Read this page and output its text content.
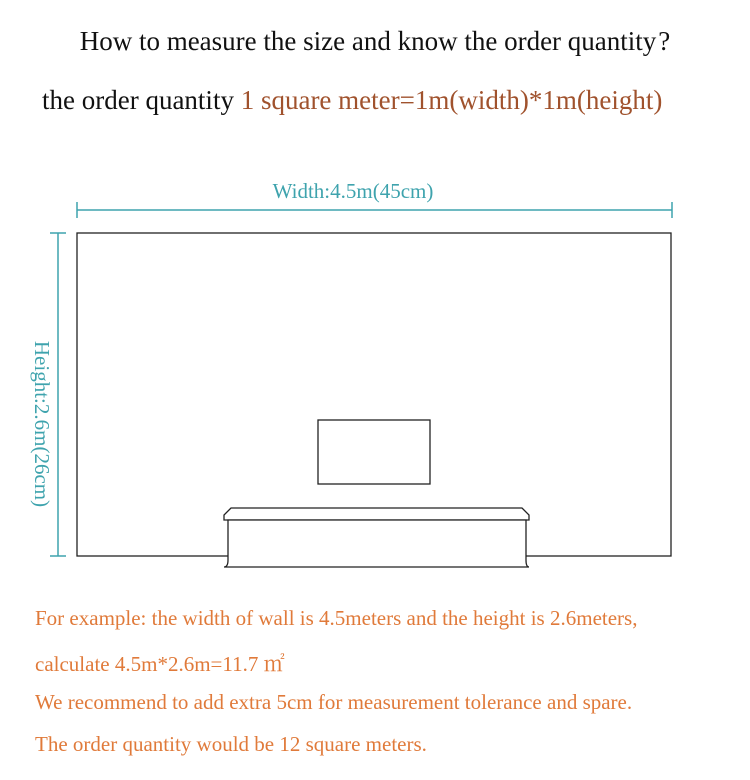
How to measure the size and know the order quantity?
the order quantity 1 square meter=1m(width)*1m(height)
Width:4.5m(45cm)
Height:2.6m(26cm)
For example: the width of wall is 4.5meters and the height is 2.6meters,
calculate 4.5m*2.6m=11.7 ㎡
We recommend to add extra 5cm for measurement tolerance and spare.
The order quantity would be 12 square meters.
